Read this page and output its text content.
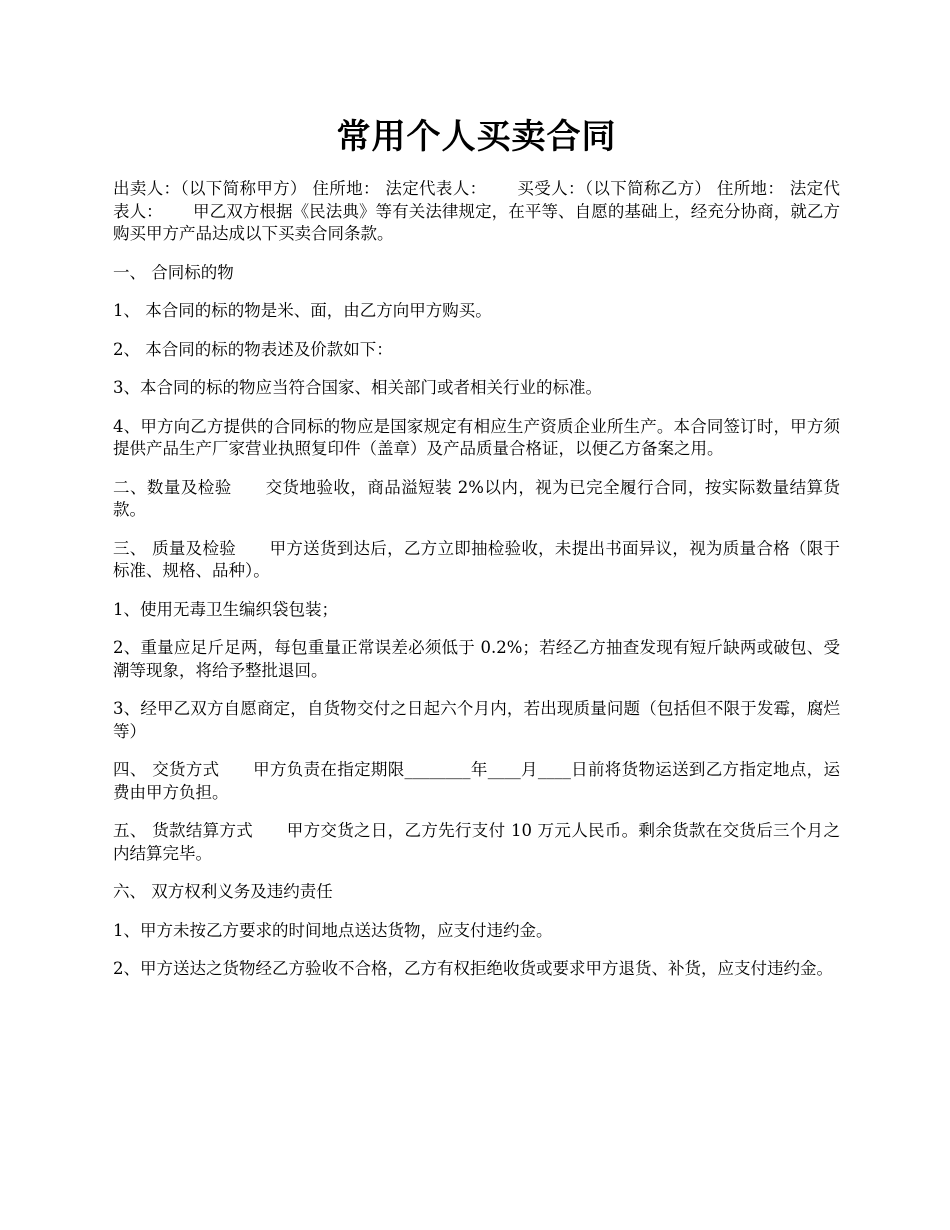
常用个人买卖合同

出卖人：（以下简称甲方） 住所地： 法定代表人：　　 买受人：（以下简称乙方） 住所地： 法定代表人：　　 甲乙双方根据《民法典》等有关法律规定，在平等、自愿的基础上，经充分协商，就乙方购买甲方产品达成以下买卖合同条款。

一、 合同标的物

1、 本合同的标的物是米、面，由乙方向甲方购买。

2、 本合同的标的物表述及价款如下：

3、本合同的标的物应当符合国家、相关部门或者相关行业的标准。

4、甲方向乙方提供的合同标的物应是国家规定有相应生产资质企业所生产。本合同签订时，甲方须提供产品生产厂家营业执照复印件（盖章）及产品质量合格证，以便乙方备案之用。

二、数量及检验　　交货地验收，商品溢短装 2%以内，视为已完全履行合同，按实际数量结算货款。

三、 质量及检验　　甲方送货到达后，乙方立即抽检验收，未提出书面异议，视为质量合格（限于标准、规格、品种）。

1、使用无毒卫生编织袋包装；

2、重量应足斤足两，每包重量正常误差必须低于 0.2%；若经乙方抽查发现有短斤缺两或破包、受潮等现象，将给予整批退回。

3、经甲乙双方自愿商定，自货物交付之日起六个月内，若出现质量问题（包括但不限于发霉，腐烂等）

四、 交货方式　　甲方负责在指定期限________年____月____日前将货物运送到乙方指定地点，运费由甲方负担。

五、 货款结算方式　　甲方交货之日，乙方先行支付 10 万元人民币。剩余货款在交货后三个月之内结算完毕。

六、 双方权利义务及违约责任

1、甲方未按乙方要求的时间地点送达货物，应支付违约金。

2、甲方送达之货物经乙方验收不合格，乙方有权拒绝收货或要求甲方退货、补货，应支付违约金。
